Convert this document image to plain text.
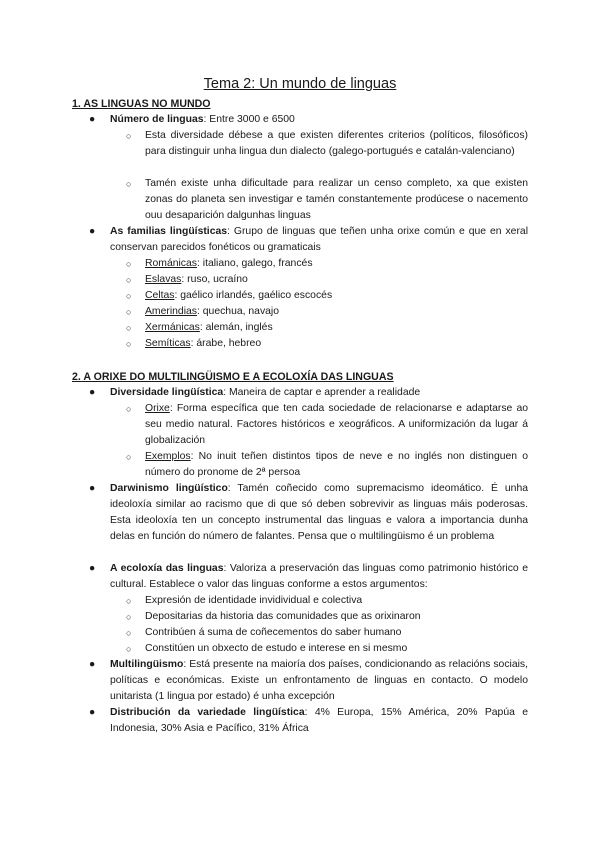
Tema 2: Un mundo de linguas
1. AS LINGUAS NO MUNDO
● Número de linguas: Entre 3000 e 6500
○ Esta diversidade débese a que existen diferentes criterios (políticos, filosóficos) para distinguir unha lingua dun dialecto (galego-portugués e catalán-valenciano)
○ Tamén existe unha dificultade para realizar un censo completo, xa que existen zonas do planeta sen investigar e tamén constantemente prodúcese o nacemento ouu desaparición dalgunhas linguas
● As familias lingüísticas: Grupo de linguas que teñen unha orixe común e que en xeral conservan parecidos fonéticos ou gramaticais
○ Románicas: italiano, galego, francés
○ Eslavas: ruso, ucraíno
○ Celtas: gaélico irlandés, gaélico escocés
○ Amerindias: quechua, navajo
○ Xermánicas: alemán, inglés
○ Semíticas: árabe, hebreo
2. A ORIXE DO MULTILINGÜISMO E A ECOLOXÍA DAS LINGUAS
● Diversidade lingüística: Maneira de captar e aprender a realidade
○ Orixe: Forma específica que ten cada sociedade de relacionarse e adaptarse ao seu medio natural. Factores históricos e xeográficos. A uniformización da lugar á globalización
○ Exemplos: No inuit teñen distintos tipos de neve e no inglés non distinguen o número do pronome de 2ª persoa
● Darwinismo lingüístico: Tamén coñecido como supremacismo ideomático. É unha ideoloxía similar ao racismo que di que só deben sobrevivir as linguas máis poderosas. Esta ideoloxía ten un concepto instrumental das linguas e valora a importancia dunha delas en función do número de falantes. Pensa que o multilingüismo é un problema
● A ecoloxía das linguas: Valoriza a preservación das linguas como patrimonio histórico e cultural. Establece o valor das linguas conforme a estos argumentos:
○ Expresión de identidade invidividual e colectiva
○ Depositarias da historia das comunidades que as orixinaron
○ Contribúen á suma de coñecementos do saber humano
○ Constitúen un obxecto de estudo e interese en si mesmo
● Multilingüismo: Está presente na maioría dos países, condicionando as relacións sociais, políticas e económicas. Existe un enfrontamento de linguas en contacto. O modelo unitarista (1 lingua por estado) é unha excepción
● Distribución da variedade lingüística: 4% Europa, 15% América, 20% Papúa e Indonesia, 30% Asia e Pacífico, 31% África
